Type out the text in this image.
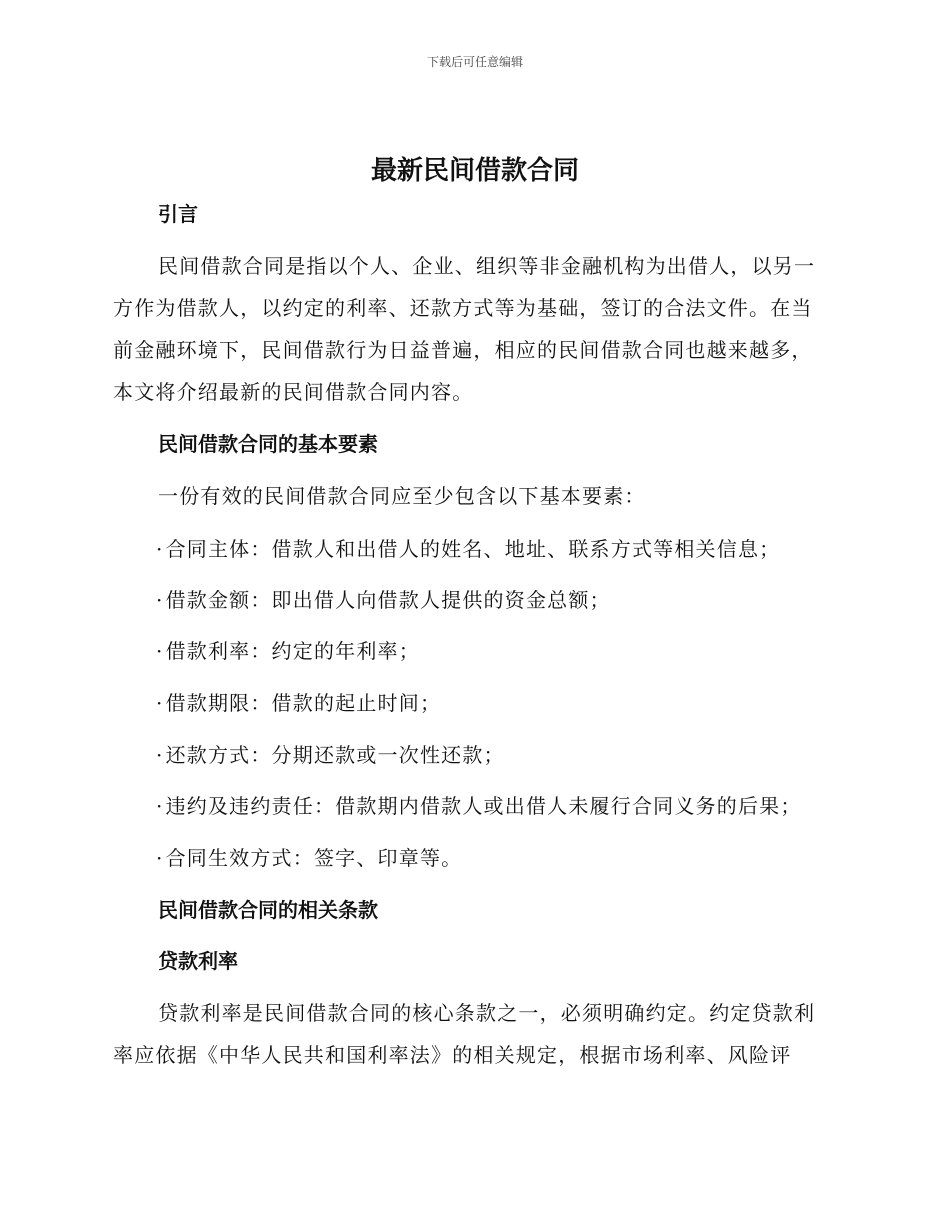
下载后可任意编辑
最新民间借款合同
引言

民间借款合同是指以个人、企业、组织等非金融机构为出借人，以另一

方作为借款人，以约定的利率、还款方式等为基础，签订的合法文件。在当

前金融环境下，民间借款行为日益普遍，相应的民间借款合同也越来越多，

本文将介绍最新的民间借款合同内容。

民间借款合同的基本要素

一份有效的民间借款合同应至少包含以下基本要素：

· 合同主体：借款人和出借人的姓名、地址、联系方式等相关信息；
· 借款金额：即出借人向借款人提供的资金总额；
· 借款利率：约定的年利率；
· 借款期限：借款的起止时间；
· 还款方式：分期还款或一次性还款；
· 违约及违约责任：借款期内借款人或出借人未履行合同义务的后果；
· 合同生效方式：签字、印章等。
民间借款合同的相关条款
贷款利率

贷款利率是民间借款合同的核心条款之一，必须明确约定。约定贷款利

率应依据《中华人民共和国利率法》的相关规定，根据市场利率、风险评
